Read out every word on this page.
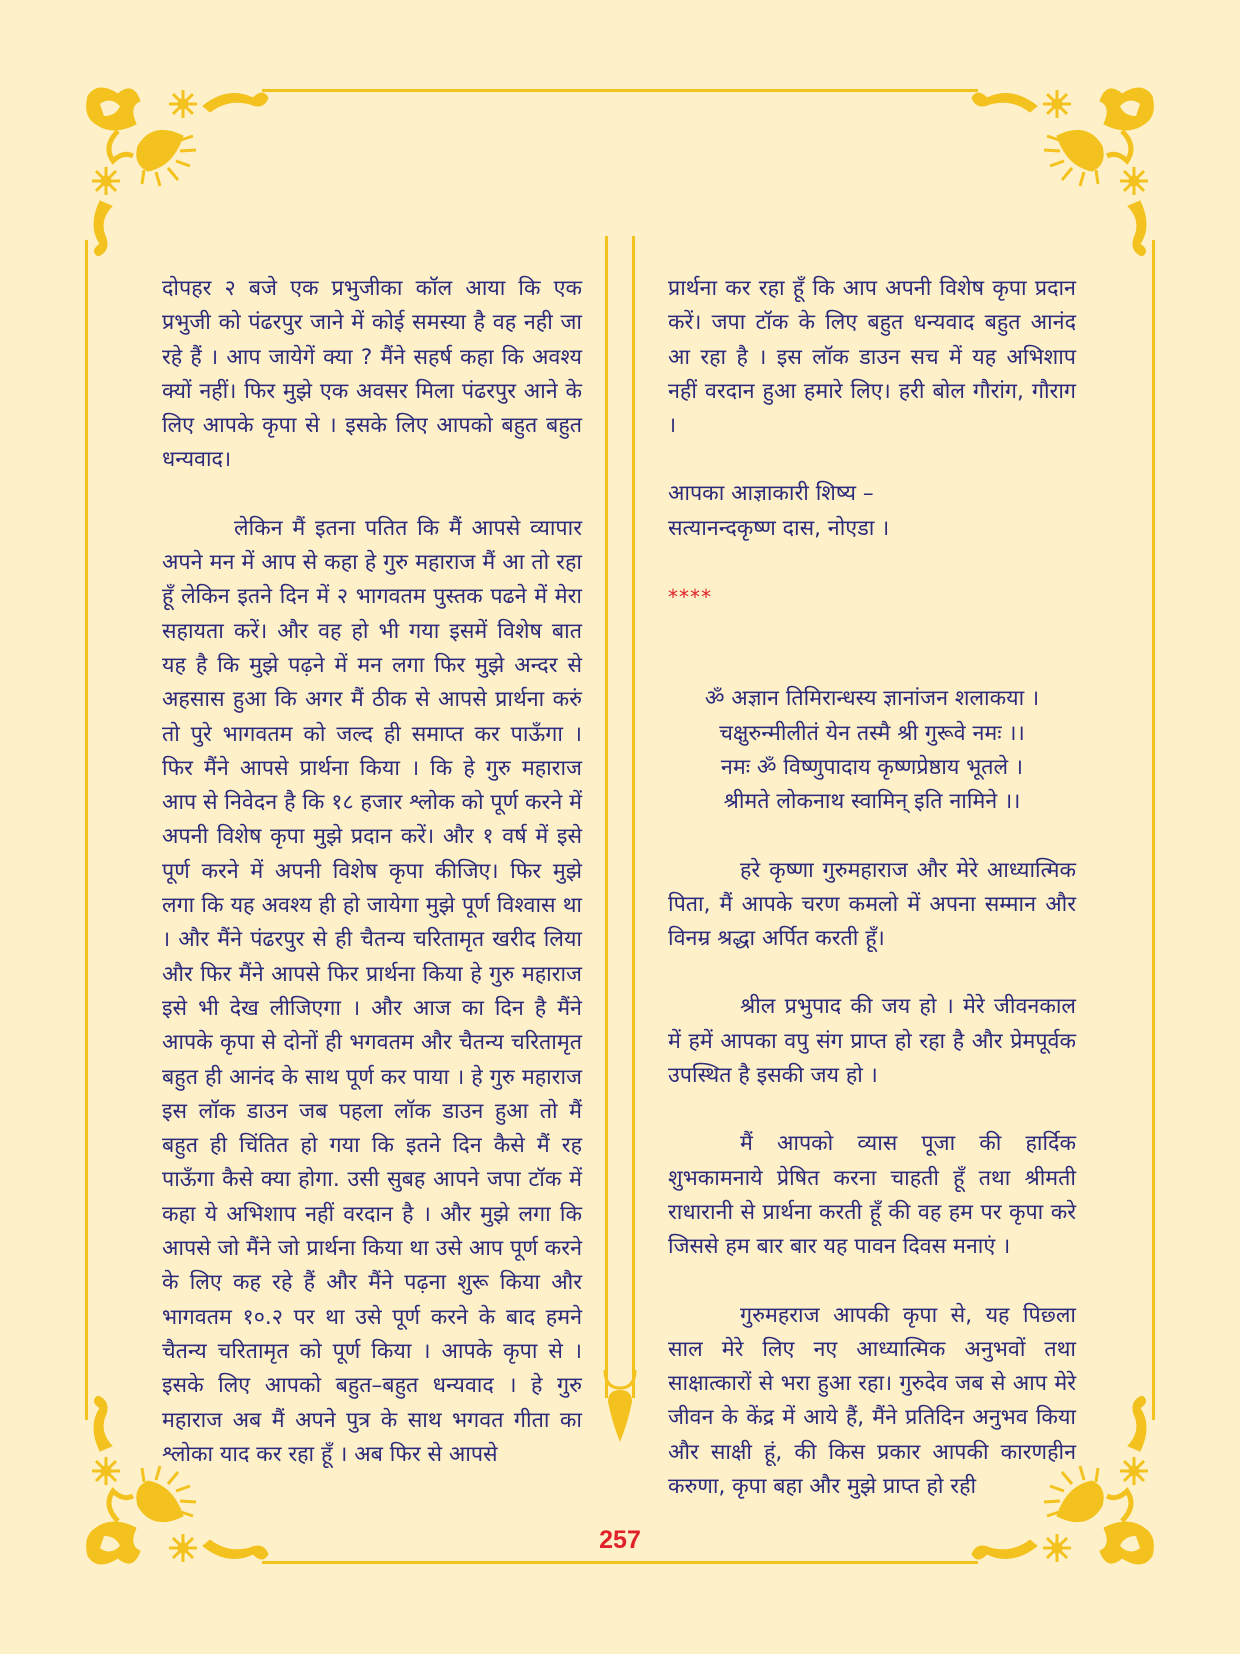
दोपहर २ बजे एक प्रभुजीका कॉल आया कि एक प्रभुजी को पंढरपुर जाने में कोई समस्या है वह नही जा रहे हैं । आप जायेगें क्या ? मैंने सहर्ष कहा कि अवश्य क्यों नहीं। फिर मुझे एक अवसर मिला पंढरपुर आने के लिए आपके कृपा से । इसके लिए आपको बहुत बहुत धन्यवाद।

लेकिन मैं इतना पतित कि मैं आपसे व्यापार अपने मन में आप से कहा हे गुरु महाराज मैं आ तो रहा हूँ लेकिन इतने दिन में २ भागवतम पुस्तक पढने में मेरा सहायता करें। और वह हो भी गया इसमें विशेष बात यह है कि मुझे पढ़ने में मन लगा फिर मुझे अन्दर से अहसास हुआ कि अगर मैं ठीक से आपसे प्रार्थना करुं तो पुरे भागवतम को जल्द ही समाप्त कर पाऊँगा । फिर मैंने आपसे प्रार्थना किया । कि हे गुरु महाराज आप से निवेदन है कि १८ हजार श्लोक को पूर्ण करने में अपनी विशेष कृपा मुझे प्रदान करें। और १ वर्ष में इसे पूर्ण करने में अपनी विशेष कृपा कीजिए। फिर मुझे लगा कि यह अवश्य ही हो जायेगा मुझे पूर्ण विश्वास था । और मैंने पंढरपुर से ही चैतन्य चरितामृत खरीद लिया और फिर मैंने आपसे फिर प्रार्थना किया हे गुरु महाराज इसे भी देख लीजिएगा । और आज का दिन है मैंने आपके कृपा से दोनों ही भगवतम और चैतन्य चरितामृत बहुत ही आनंद के साथ पूर्ण कर पाया । हे गुरु महाराज इस लॉक डाउन जब पहला लॉक डाउन हुआ तो मैं बहुत ही चिंतित हो गया कि इतने दिन कैसे मैं रह पाऊँगा कैसे क्या होगा. उसी सुबह आपने जपा टॉक में कहा ये अभिशाप नहीं वरदान है । और मुझे लगा कि आपसे जो मैंने जो प्रार्थना किया था उसे आप पूर्ण करने के लिए कह रहे हैं और मैंने पढ़ना शुरू किया और भागवतम १०.२ पर था उसे पूर्ण करने के बाद हमने चैतन्य चरितामृत को पूर्ण किया । आपके कृपा से । इसके लिए आपको बहुत–बहुत धन्यवाद । हे गुरु महाराज अब मैं अपने पुत्र के साथ भगवत गीता का श्लोका याद कर रहा हूँ । अब फिर से आपसे

प्रार्थना कर रहा हूँ कि आप अपनी विशेष कृपा प्रदान करें। जपा टॉक के लिए बहुत धन्यवाद बहुत आनंद आ रहा है । इस लॉक डाउन सच में यह अभिशाप नहीं वरदान हुआ हमारे लिए। हरी बोल गौरांग, गौराग ।

आपका आज्ञाकारी शिष्य –

सत्यानन्दकृष्ण दास, नोएडा ।

****

ॐ अज्ञान तिमिरान्धस्य ज्ञानांजन शलाकया ।

चक्षुरुन्मीलीतं येन तस्मै श्री गुरूवे नमः ।।

नमः ॐ विष्णुपादाय कृष्णप्रेष्ठाय भूतले ।

श्रीमते लोकनाथ स्वामिन् इति नामिने ।।

हरे कृष्णा गुरुमहाराज और मेरे आध्यात्मिक पिता, मैं आपके चरण कमलो में अपना सम्मान और विनम्र श्रद्धा अर्पित करती हूँ।

श्रील प्रभुपाद की जय हो । मेरे जीवनकाल में हमें आपका वपु संग प्राप्त हो रहा है और प्रेमपूर्वक उपस्थित है इसकी जय हो ।

मैं आपको व्यास पूजा की हार्दिक शुभकामनाये प्रेषित करना चाहती हूँ तथा श्रीमती राधारानी से प्रार्थना करती हूँ की वह हम पर कृपा करे जिससे हम बार बार यह पावन दिवस मनाएं ।

गुरुमहराज आपकी कृपा से, यह पिछ्ला साल मेरे लिए नए आध्यात्मिक अनुभवों तथा साक्षात्कारों से भरा हुआ रहा। गुरुदेव जब से आप मेरे जीवन के केंद्र में आये हैं, मैंने प्रतिदिन अनुभव किया और साक्षी हूं, की किस प्रकार आपकी कारणहीन करुणा, कृपा बहा और मुझे प्राप्त हो रही

257
